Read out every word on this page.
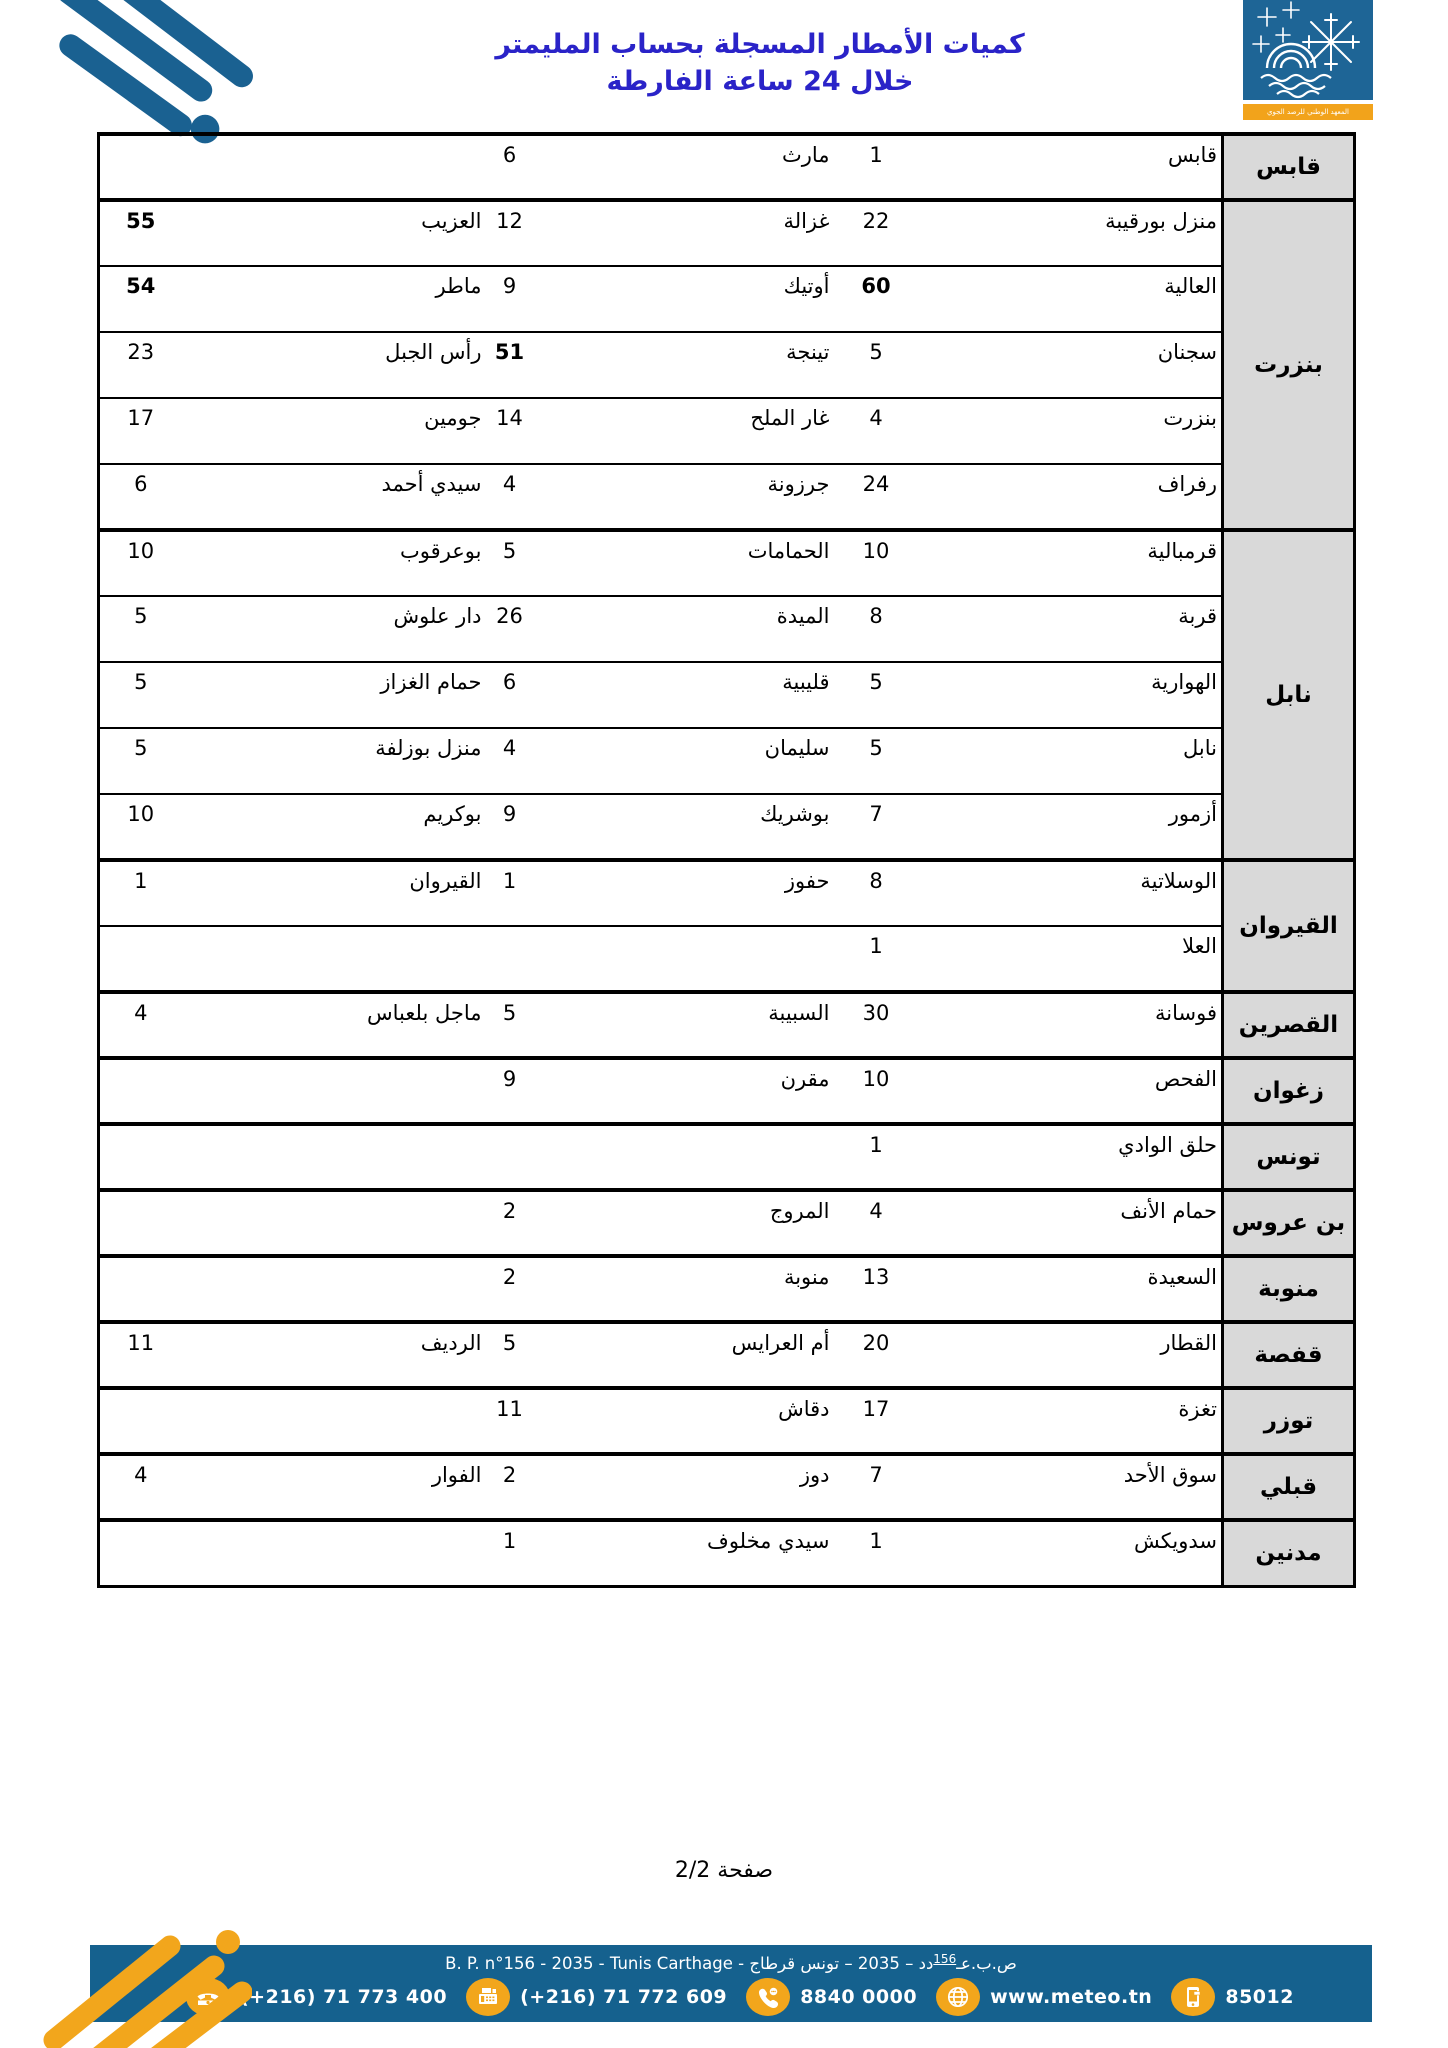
كميات الأمطار المسجلة بحساب المليمتر
خلال 24 ساعة الفارطة
المعهد الوطني للرصد الجوي
قابس	قابس	1	مارث	6		
بنزرت	منزل بورقيبة	22	غزالة	12	العزيب	55
	العالية	60	أوتيك	9	ماطر	54
	سجنان	5	تينجة	51	رأس الجبل	23
	بنزرت	4	غار الملح	14	جومين	17
	رفراف	24	جرزونة	4	سيدي أحمد	6
نابل	قرمبالية	10	الحمامات	5	بوعرقوب	10
	قربة	8	الميدة	26	دار علوش	5
	الهوارية	5	قليبية	6	حمام الغزاز	5
	نابل	5	سليمان	4	منزل بوزلفة	5
	أزمور	7	بوشريك	9	بوكريم	10
القيروان	الوسلاتية	8	حفوز	1	القيروان	1
	العلا	1				
القصرين	فوسانة	30	السبيبة	5	ماجل بلعباس	4
زغوان	الفحص	10	مقرن	9		
تونس	حلق الوادي	1				
بن عروس	حمام الأنف	4	المروج	2		
منوبة	السعيدة	13	منوبة	2		
قفصة	القطار	20	أم العرايس	5	الرديف	11
توزر	تغزة	17	دقاش	11		
قبلي	سوق الأحد	7	دوز	2	الفوار	4
مدنين	سدويكش	1	سيدي مخلوف	1		
صفحة 2/2
B. P. n°156 - 2035 - Tunis Carthage -	ص.ب.عـ$^{156}$دد – 2035 – تونس قرطاج
(+216) 71 773 400	(+216) 71 772 609	8840 0000	www.meteo.tn	85012
